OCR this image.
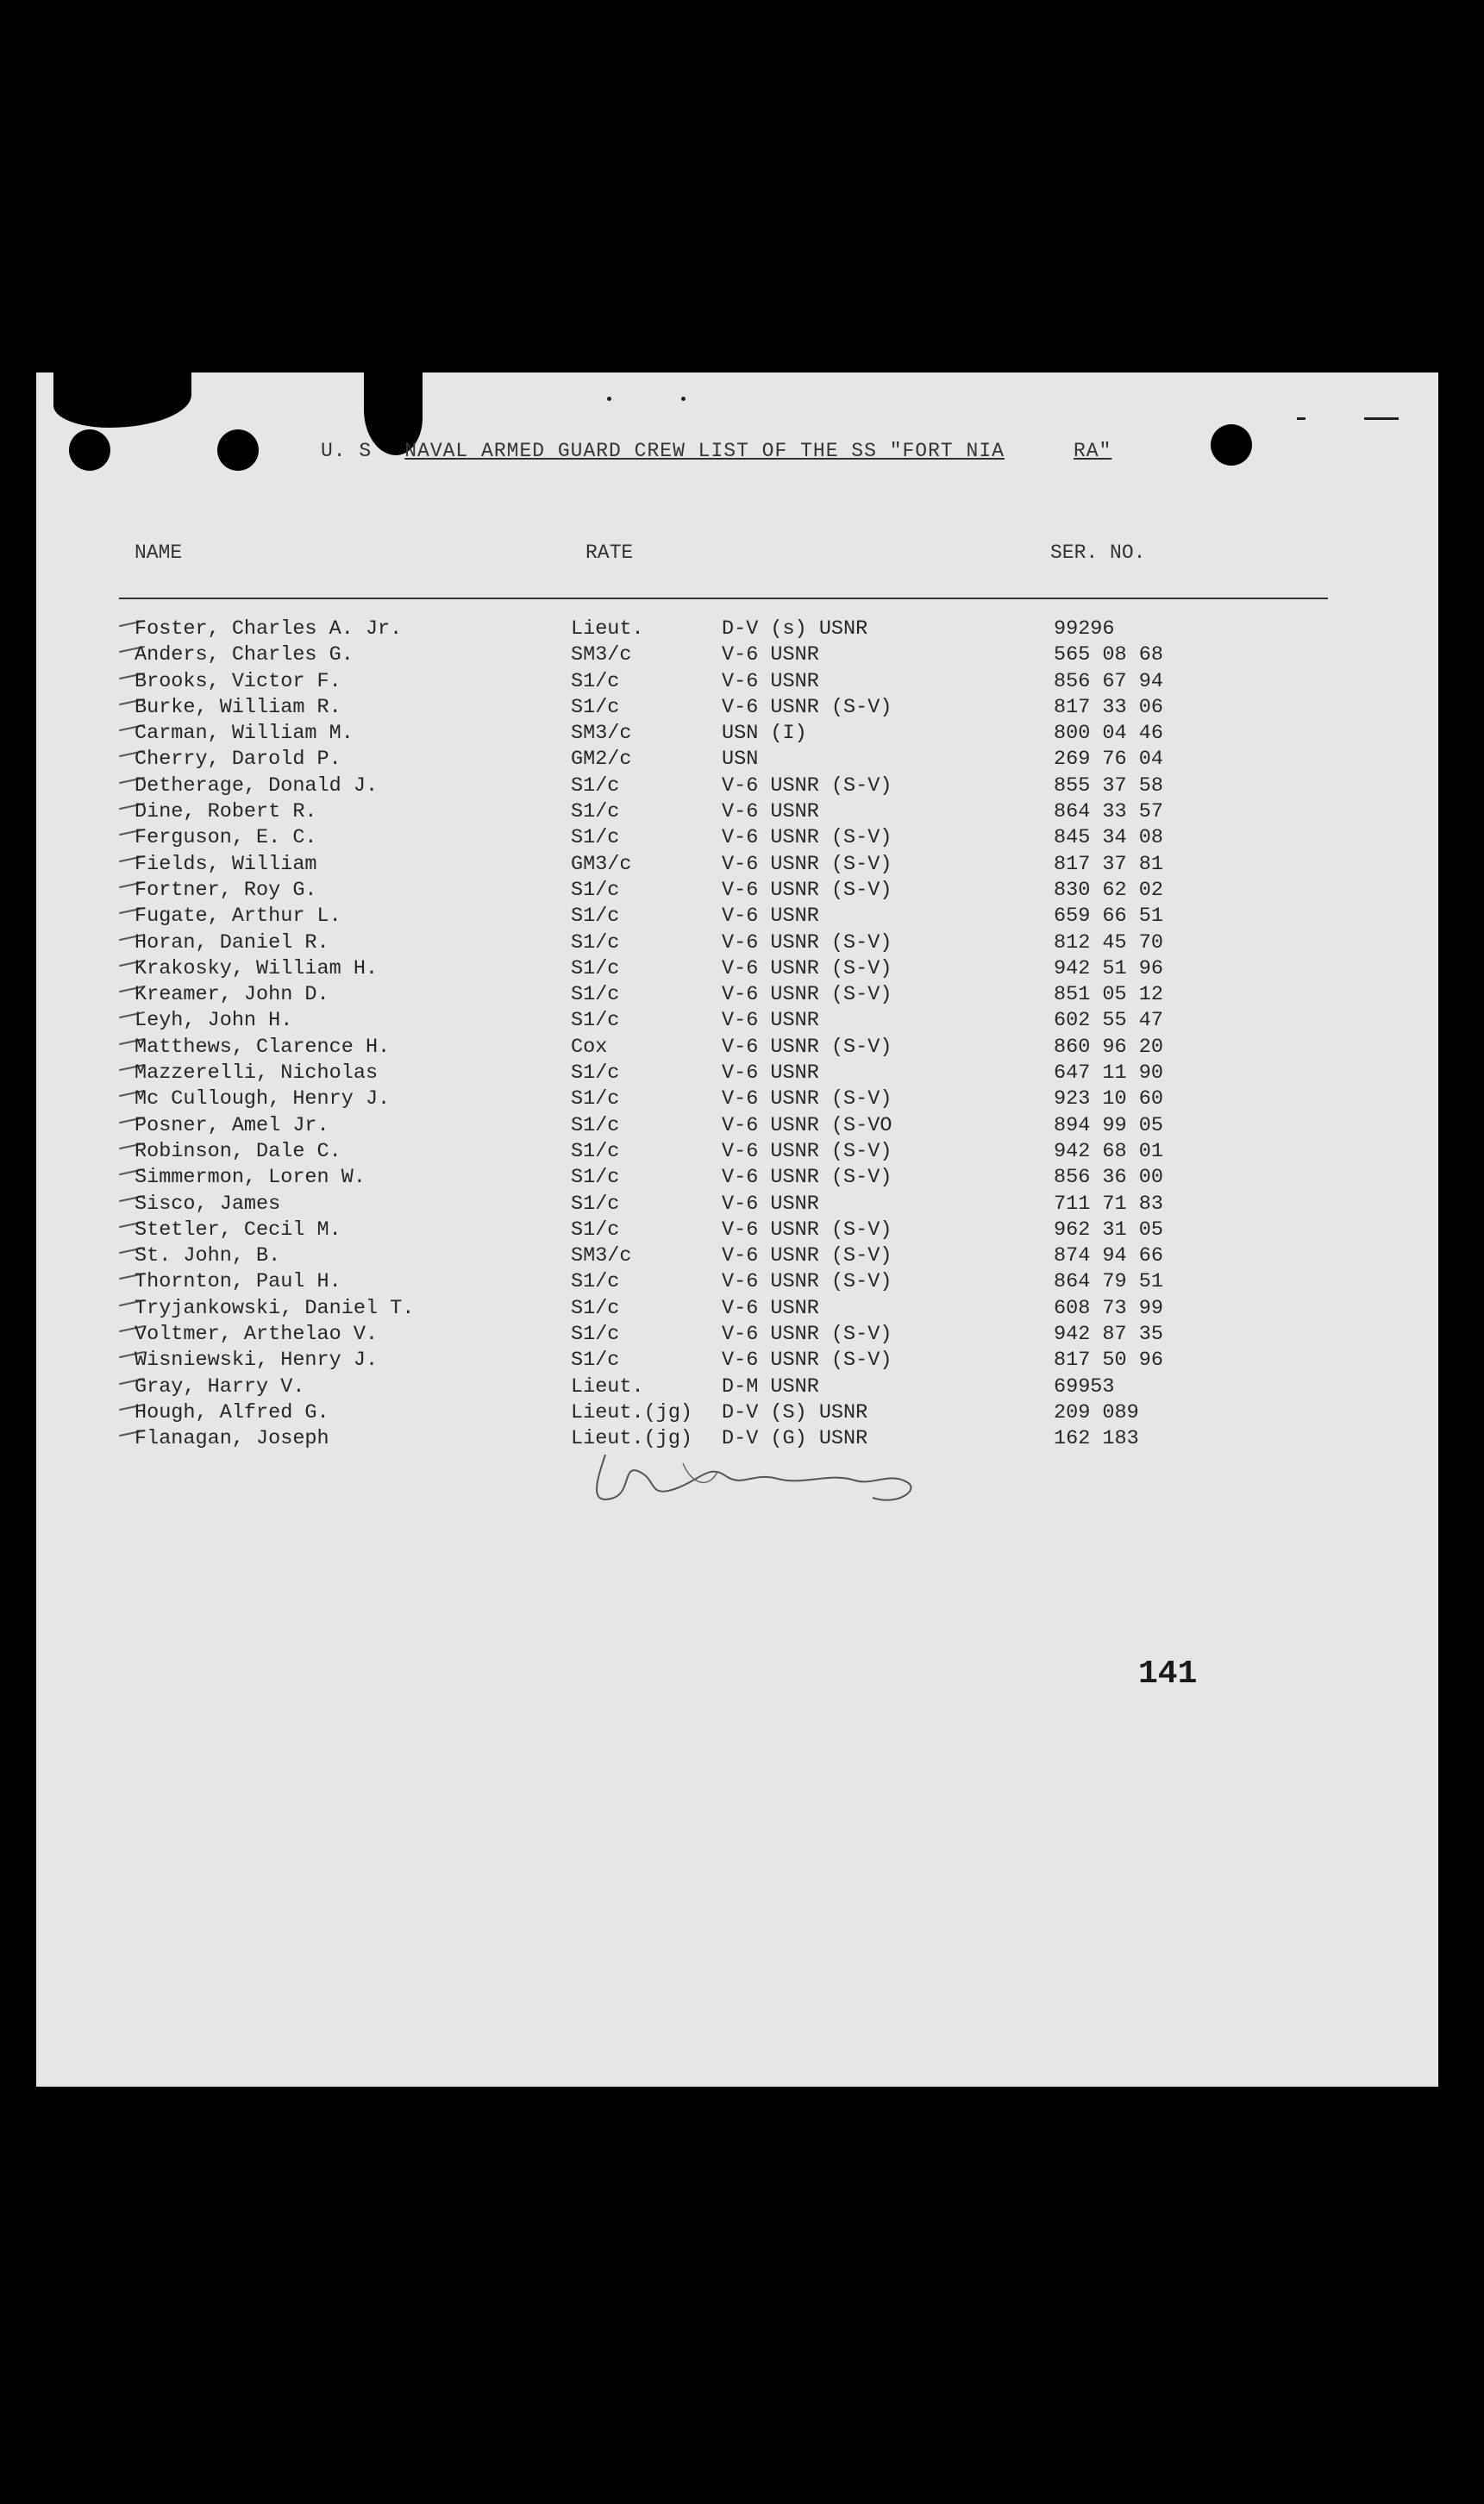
U. S NAVAL ARMED GUARD CREW LIST OF THE SS "FORT NIA	RA"
NAME	RATE	SER. NO.
Foster, Charles A. Jr.	Lieut.	D-V (s) USNR	99296
Anders, Charles G.	SM3/c	V-6 USNR	565 08 68
Brooks, Victor F.	S1/c	V-6 USNR	856 67 94
Burke, William R.	S1/c	V-6 USNR (S-V)	817 33 06
Carman, William M.	SM3/c	USN (I)	800 04 46
Cherry, Darold P.	GM2/c	USN	269 76 04
Detherage, Donald J.	S1/c	V-6 USNR (S-V)	855 37 58
Dine, Robert R.	S1/c	V-6 USNR	864 33 57
Ferguson, E. C.	S1/c	V-6 USNR (S-V)	845 34 08
Fields, William	GM3/c	V-6 USNR (S-V)	817 37 81
Fortner, Roy G.	S1/c	V-6 USNR (S-V)	830 62 02
Fugate, Arthur L.	S1/c	V-6 USNR	659 66 51
Horan, Daniel R.	S1/c	V-6 USNR (S-V)	812 45 70
Krakosky, William H.	S1/c	V-6 USNR (S-V)	942 51 96
Kreamer, John D.	S1/c	V-6 USNR (S-V)	851 05 12
Leyh, John H.	S1/c	V-6 USNR	602 55 47
Matthews, Clarence H.	Cox	V-6 USNR (S-V)	860 96 20
Mazzerelli, Nicholas	S1/c	V-6 USNR	647 11 90
Mc Cullough, Henry J.	S1/c	V-6 USNR (S-V)	923 10 60
Posner, Amel Jr.	S1/c	V-6 USNR (S-VO	894 99 05
Robinson, Dale C.	S1/c	V-6 USNR (S-V)	942 68 01
Simmermon, Loren W.	S1/c	V-6 USNR (S-V)	856 36 00
Sisco, James	S1/c	V-6 USNR	711 71 83
Stetler, Cecil M.	S1/c	V-6 USNR (S-V)	962 31 05
St. John, B.	SM3/c	V-6 USNR (S-V)	874 94 66
Thornton, Paul H.	S1/c	V-6 USNR (S-V)	864 79 51
Tryjankowski, Daniel T.	S1/c	V-6 USNR	608 73 99
Voltmer, Arthelao V.	S1/c	V-6 USNR (S-V)	942 87 35
Wisniewski, Henry J.	S1/c	V-6 USNR (S-V)	817 50 96
Gray, Harry V.	Lieut.	D-M USNR	69953
Hough, Alfred G.	Lieut.(jg) D-V (S) USNR	209 089
Flanagan, Joseph	Lieut.(jg) D-V (G) USNR	162 183
141
